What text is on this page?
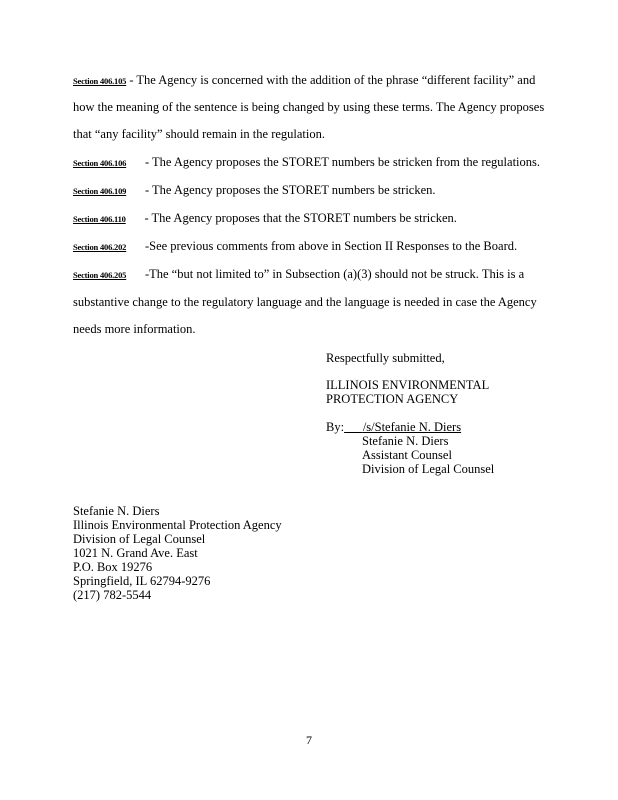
Section 406.105 - The Agency is concerned with the addition of the phrase “different facility” and
how the meaning of the sentence is being changed by using these terms. The Agency proposes
that “any facility” should remain in the regulation.
Section 406.106      - The Agency proposes the STORET numbers be stricken from the regulations.
Section 406.109      - The Agency proposes the STORET numbers be stricken.
Section 406.110      - The Agency proposes that the STORET numbers be stricken.
Section 406.202      -See previous comments from above in Section II Responses to the Board.
Section 406.205      -The “but not limited to” in Subsection (a)(3) should not be struck. This is a
substantive change to the regulatory language and the language is needed in case the Agency
needs more information.
Respectfully submitted,
ILLINOIS ENVIRONMENTAL
PROTECTION AGENCY
By: /s/Stefanie N. Diers
Stefanie N. Diers
Assistant Counsel
Division of Legal Counsel
Stefanie N. Diers
Illinois Environmental Protection Agency
Division of Legal Counsel
1021 N. Grand Ave. East
P.O. Box 19276
Springfield, IL 62794-9276
(217) 782-5544
7
